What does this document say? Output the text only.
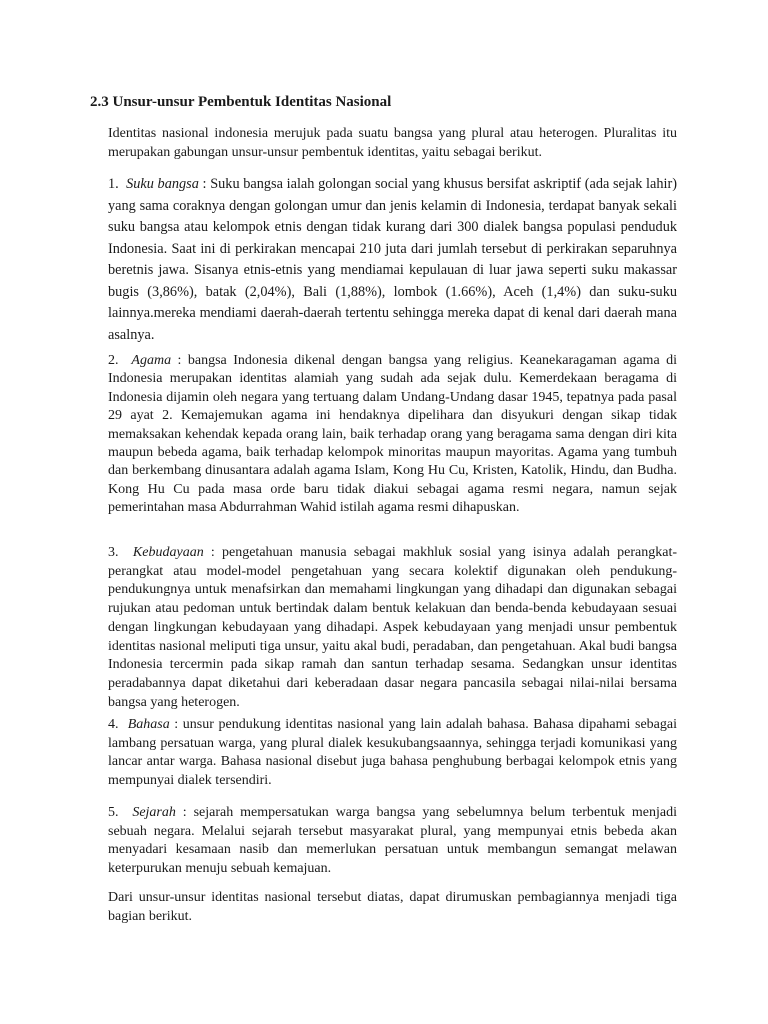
2.3 Unsur-unsur Pembentuk Identitas Nasional

Identitas nasional indonesia merujuk pada suatu bangsa yang plural atau heterogen. Pluralitas itu merupakan gabungan unsur-unsur pembentuk identitas, yaitu sebagai berikut.

1. Suku bangsa : Suku bangsa ialah golongan social yang khusus bersifat askriptif (ada sejak lahir) yang sama coraknya dengan golongan umur dan jenis kelamin di Indonesia, terdapat banyak sekali suku bangsa atau kelompok etnis dengan tidak kurang dari 300 dialek bangsa populasi penduduk Indonesia. Saat ini di perkirakan mencapai 210 juta dari jumlah tersebut di perkirakan separuhnya beretnis jawa. Sisanya etnis-etnis yang mendiamai kepulauan di luar jawa seperti suku makassar bugis (3,86%), batak (2,04%), Bali (1,88%), lombok (1.66%), Aceh (1,4%) dan suku-suku lainnya.mereka mendiami daerah-daerah tertentu sehingga mereka dapat di kenal dari daerah mana asalnya.

2. Agama : bangsa Indonesia dikenal dengan bangsa yang religius. Keanekaragaman agama di Indonesia merupakan identitas alamiah yang sudah ada sejak dulu. Kemerdekaan beragama di Indonesia dijamin oleh negara yang tertuang dalam Undang-Undang dasar 1945, tepatnya pada pasal 29 ayat 2. Kemajemukan agama ini hendaknya dipelihara dan disyukuri dengan sikap tidak memaksakan kehendak kepada orang lain, baik terhadap orang yang beragama sama dengan diri kita maupun bebeda agama, baik terhadap kelompok minoritas maupun mayoritas. Agama yang tumbuh dan berkembang dinusantara adalah agama Islam, Kong Hu Cu, Kristen, Katolik, Hindu, dan Budha. Kong Hu Cu pada masa orde baru tidak diakui sebagai agama resmi negara, namun sejak pemerintahan masa Abdurrahman Wahid istilah agama resmi dihapuskan.

3. Kebudayaan : pengetahuan manusia sebagai makhluk sosial yang isinya adalah perangkat-perangkat atau model-model pengetahuan yang secara kolektif digunakan oleh pendukung-pendukungnya untuk menafsirkan dan memahami lingkungan yang dihadapi dan digunakan sebagai rujukan atau pedoman untuk bertindak dalam bentuk kelakuan dan benda-benda kebudayaan sesuai dengan lingkungan kebudayaan yang dihadapi. Aspek kebudayaan yang menjadi unsur pembentuk identitas nasional meliputi tiga unsur, yaitu akal budi, peradaban, dan pengetahuan. Akal budi bangsa Indonesia tercermin pada sikap ramah dan santun terhadap sesama. Sedangkan unsur identitas peradabannya dapat diketahui dari keberadaan dasar negara pancasila sebagai nilai-nilai bersama bangsa yang heterogen.

4. Bahasa : unsur pendukung identitas nasional yang lain adalah bahasa. Bahasa dipahami sebagai lambang persatuan warga, yang plural dialek kesukubangsaannya, sehingga terjadi komunikasi yang lancar antar warga. Bahasa nasional disebut juga bahasa penghubung berbagai kelompok etnis yang mempunyai dialek tersendiri.

5. Sejarah : sejarah mempersatukan warga bangsa yang sebelumnya belum terbentuk menjadi sebuah negara. Melalui sejarah tersebut masyarakat plural, yang mempunyai etnis bebeda akan menyadari kesamaan nasib dan memerlukan persatuan untuk membangun semangat melawan keterpurukan menuju sebuah kemajuan.

Dari unsur-unsur identitas nasional tersebut diatas, dapat dirumuskan pembagiannya menjadi tiga bagian berikut.
